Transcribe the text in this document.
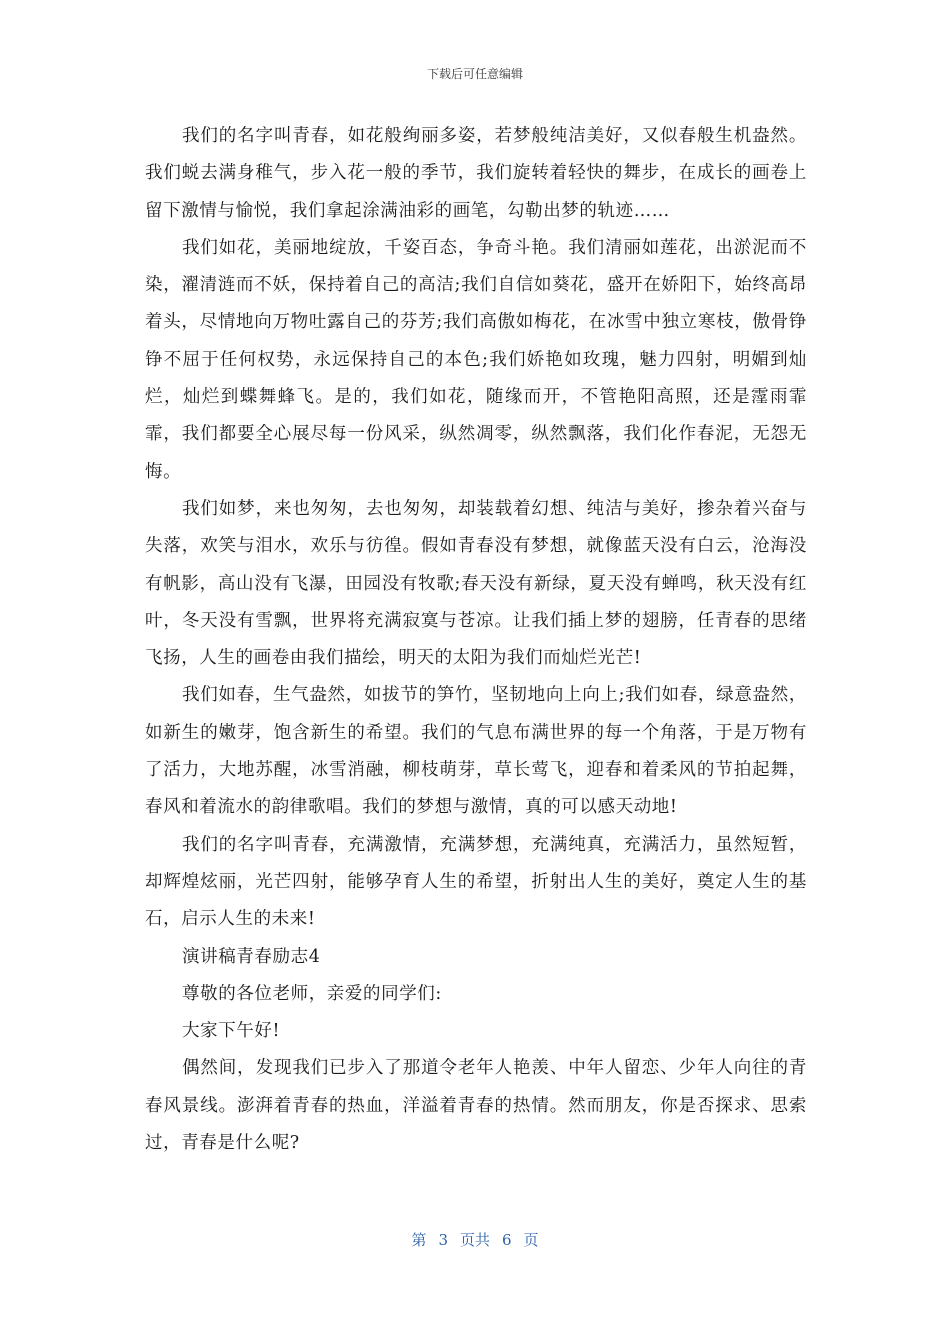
下载后可任意编辑

我们的名字叫青春，如花般绚丽多姿，若梦般纯洁美好，又似春般生机盎然。我们蜕去满身稚气，步入花一般的季节，我们旋转着轻快的舞步，在成长的画卷上留下激情与愉悦，我们拿起涂满油彩的画笔，勾勒出梦的轨迹……

我们如花，美丽地绽放，千姿百态，争奇斗艳。我们清丽如莲花，出淤泥而不染，濯清涟而不妖，保持着自己的高洁;我们自信如葵花，盛开在娇阳下，始终高昂着头，尽情地向万物吐露自己的芬芳;我们高傲如梅花，在冰雪中独立寒枝，傲骨铮铮不屈于任何权势，永远保持自己的本色;我们娇艳如玫瑰，魅力四射，明媚到灿烂，灿烂到蝶舞蜂飞。是的，我们如花，随缘而开，不管艳阳高照，还是霪雨霏霏，我们都要全心展尽每一份风采，纵然凋零，纵然飘落，我们化作春泥，无怨无悔。

我们如梦，来也匆匆，去也匆匆，却装载着幻想、纯洁与美好，掺杂着兴奋与失落，欢笑与泪水，欢乐与彷徨。假如青春没有梦想，就像蓝天没有白云，沧海没有帆影，高山没有飞瀑，田园没有牧歌;春天没有新绿，夏天没有蝉鸣，秋天没有红叶，冬天没有雪飘，世界将充满寂寞与苍凉。让我们插上梦的翅膀，任青春的思绪飞扬，人生的画卷由我们描绘，明天的太阳为我们而灿烂光芒!

我们如春，生气盎然，如拔节的笋竹，坚韧地向上向上;我们如春，绿意盎然，如新生的嫩芽，饱含新生的希望。我们的气息布满世界的每一个角落，于是万物有了活力，大地苏醒，冰雪消融，柳枝萌芽，草长莺飞，迎春和着柔风的节拍起舞，春风和着流水的韵律歌唱。我们的梦想与激情，真的可以感天动地!

我们的名字叫青春，充满激情，充满梦想，充满纯真，充满活力，虽然短暂，却辉煌炫丽，光芒四射，能够孕育人生的希望，折射出人生的美好，奠定人生的基石，启示人生的未来!

演讲稿青春励志4

尊敬的各位老师，亲爱的同学们:

大家下午好!

偶然间，发现我们已步入了那道令老年人艳羡、中年人留恋、少年人向往的青春风景线。澎湃着青春的热血，洋溢着青春的热情。然而朋友，你是否探求、思索过，青春是什么呢?

第 3 页共 6 页
